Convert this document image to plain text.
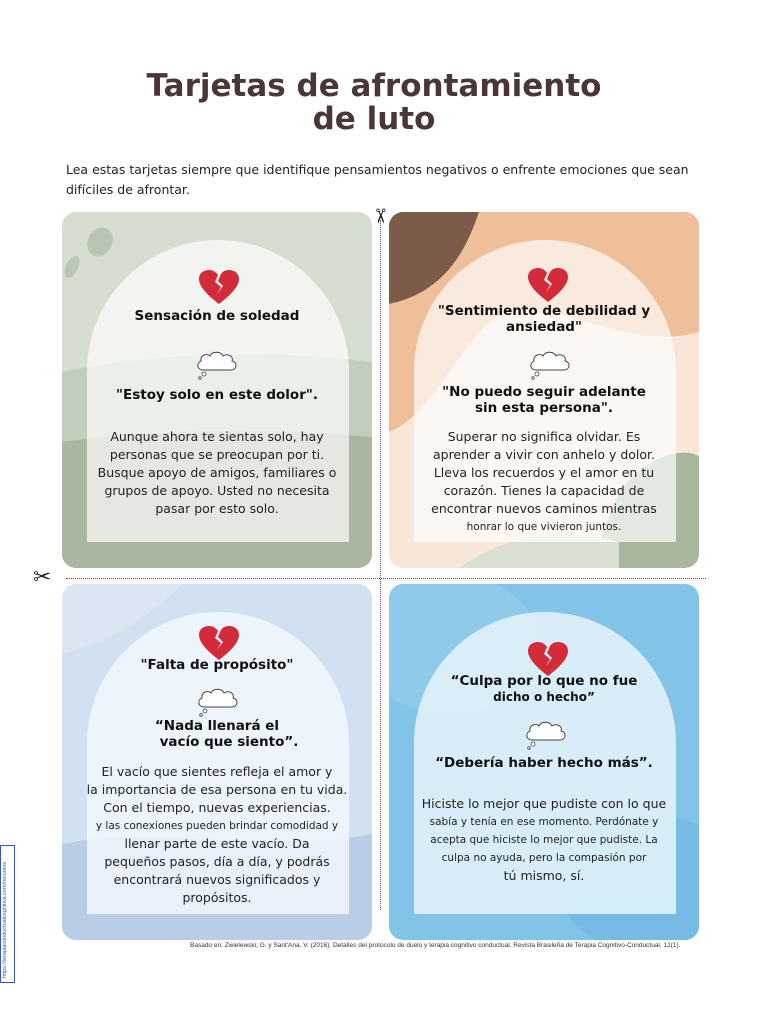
Tarjetas de afrontamiento
de luto
Lea estas tarjetas siempre que identifique pensamientos negativos o enfrente emociones que sean difíciles de afrontar.
Sensación de soledad
"Estoy solo en este dolor".
Aunque ahora te sientas solo, hay
personas que se preocupan por ti.
Busque apoyo de amigos, familiares o
grupos de apoyo. Usted no necesita
pasar por esto solo.
"Sentimiento de debilidad y
ansiedad"
"No puedo seguir adelante
sin esta persona".
Superar no significa olvidar. Es
aprender a vivir con anhelo y dolor.
Lleva los recuerdos y el amor en tu
corazón. Tienes la capacidad de
encontrar nuevos caminos mientras
honrar lo que vivieron juntos.
"Falta de propósito"
“Nada llenará el
vacío que siento”.
El vacío que sientes refleja el amor y
la importancia de esa persona en tu vida.
Con el tiempo, nuevas experiencias.
y las conexiones pueden brindar comodidad y
llenar parte de este vacío. Da
pequeños pasos, día a día, y podrás
encontrará nuevos significados y
propósitos.
“Culpa por lo que no fue
dicho o hecho”
“Debería haber hecho más”.
Hiciste lo mejor que pudiste con lo que
sabía y tenía en ese momento. Perdónate y
acepta que hiciste lo mejor que pudiste. La
culpa no ayuda, pero la compasión por
tú mismo, sí.
✂
✂
Basado en: Zwielewski, G. y Sant'Ana, V. (2016). Detalles del protocolo de duelo y terapia cognitivo conductual. Revista Brasileña de Terapia Cognitivo-Conductual, 12(1).
https://terapiaconductualcognitiva.com/recursos
